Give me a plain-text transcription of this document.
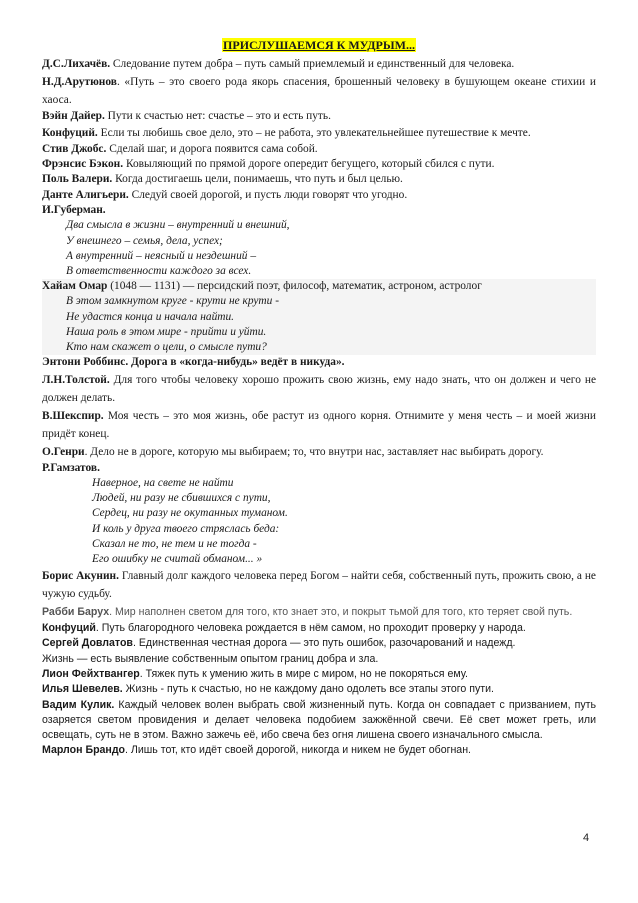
ПРИСЛУШАЕМСЯ К МУДРЫМ...

Д.С.Лихачёв. Следование путем добра – путь самый приемлемый и единственный для человека.

Н.Д.Арутюнов. «Путь – это своего рода якорь спасения, брошенный человеку в бушующем океане стихии и хаоса.

Вэйн Дайер. Пути к счастью нет: счастье – это и есть путь.

Конфуций. Если ты любишь свое дело, это – не работа, это увлекательнейшее путешествие к мечте.

Стив Джобс. Сделай шаг, и дорога появится сама собой.

Фрэнсис Бэкон. Ковыляющий по прямой дороге опередит бегущего, который сбился с пути.

Поль Валери. Когда достигаешь цели, понимаешь, что путь и был целью.

Данте Алигьери. Следуй своей дорогой, и пусть люди говорят что угодно.

И.Губерман.

Два смысла в жизни – внутренний и внешний,
У внешнего – семья, дела, успех;
А внутренний – неясный и нездешний –
В ответственности каждого за всех.

Хайам Омар (1048 — 1131) — персидский поэт, философ, математик, астроном, астролог

В этом замкнутом круге - крути не крути -
Не удастся конца и начала найти.
Наша роль в этом мире - прийти и уйти.
Кто нам скажет о цели, о смысле пути?

Энтони Роббинс. Дорога в «когда-нибудь» ведёт в никуда».

Л.Н.Толстой. Для того чтобы человеку хорошо прожить свою жизнь, ему надо знать, что он должен и чего не должен делать.

В.Шекспир. Моя честь – это моя жизнь, обе растут из одного корня. Отнимите у меня честь – и моей жизни придёт конец.

О.Генри. Дело не в дороге, которую мы выбираем; то, что внутри нас, заставляет нас выбирать дорогу.

Р.Гамзатов.

Наверное, на свете не найти
Людей, ни разу не сбившихся с пути,
Сердец, ни разу не окутанных туманом.
И коль у друга твоего стряслась беда:
Сказал не то, не тем и не тогда -
Его ошибку не считай обманом... »

Борис Акунин. Главный долг каждого человека перед Богом – найти себя, собственный путь, прожить свою, а не чужую судьбу.

Рабби Барух. Мир наполнен светом для того, кто знает это, и покрыт тьмой для того, кто теряет свой путь.

Конфуций. Путь благородного человека рождается в нём самом, но проходит проверку у народа.

Сергей Довлатов. Единственная честная дорога — это путь ошибок, разочарований и надежд.

Жизнь — есть выявление собственным опытом границ добра и зла.

Лион Фейхтвангер. Тяжек путь к умению жить в мире с миром, но не покоряться ему.

Илья Шевелев. Жизнь - путь к счастью, но не каждому дано одолеть все этапы этого пути.

Вадим Кулик. Каждый человек волен выбрать свой жизненный путь. Когда он совпадает с призванием, путь озаряется светом провидения и делает человека подобием зажжённой свечи. Её свет может греть, или освещать, суть не в этом. Важно зажечь её, ибо свеча без огня лишена своего изначального смысла.

Марлон Брандо. Лишь тот, кто идёт своей дорогой, никогда и никем не будет обогнан.

4
